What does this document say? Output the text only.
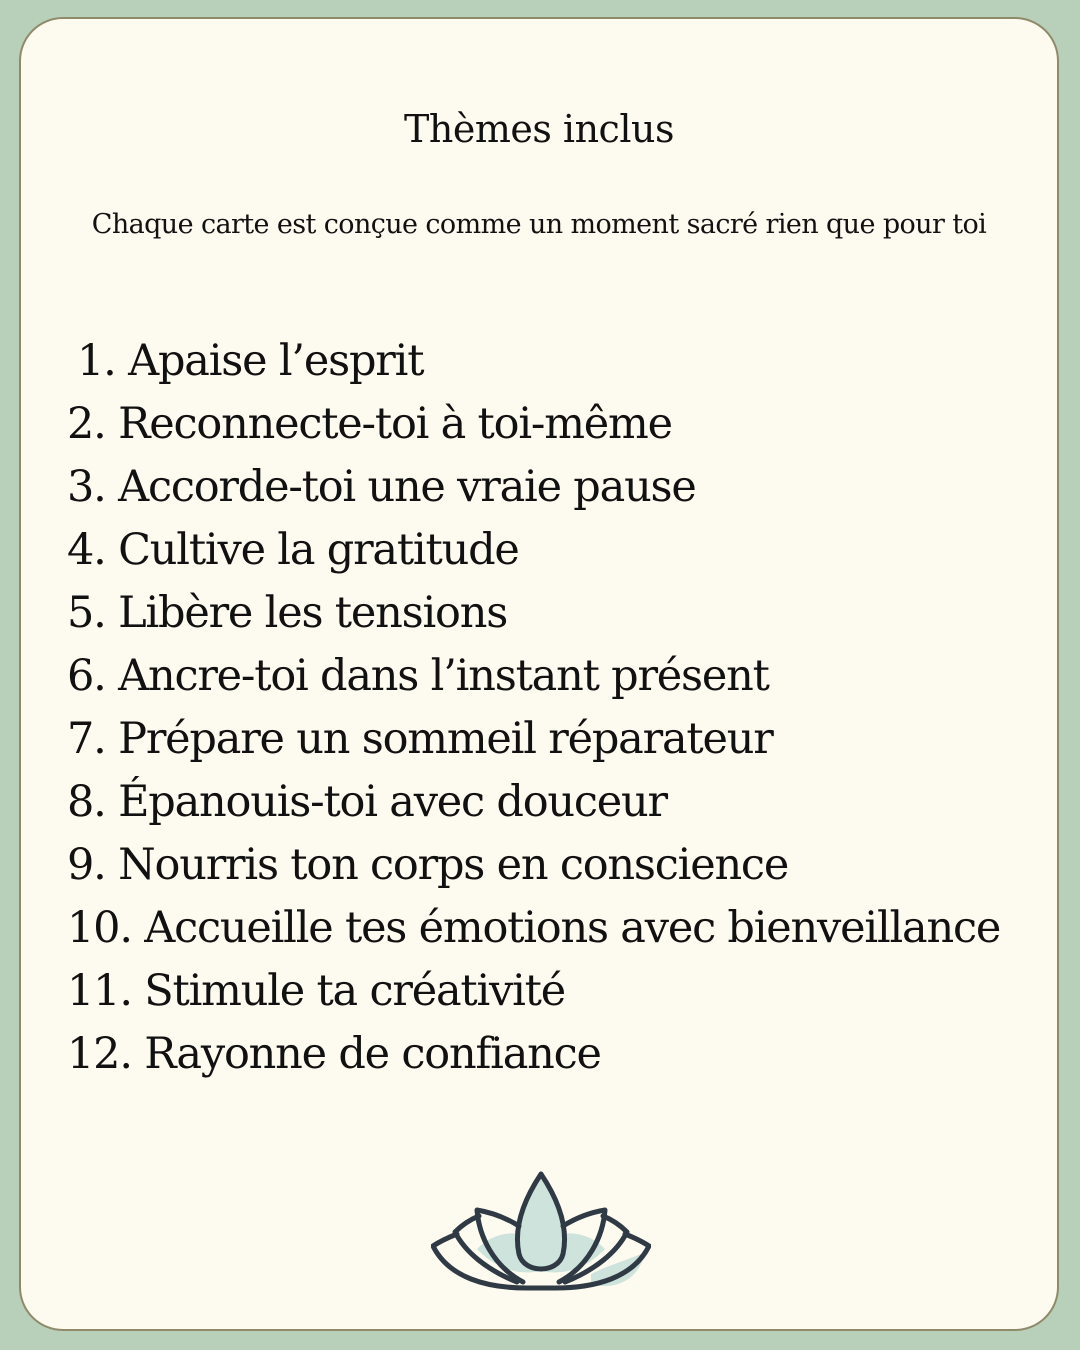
Thèmes inclus

Chaque carte est conçue comme un moment sacré rien que pour toi

1. Apaise l’esprit
2. Reconnecte-toi à toi-même
3. Accorde-toi une vraie pause
4. Cultive la gratitude
5. Libère les tensions
6. Ancre-toi dans l’instant présent
7. Prépare un sommeil réparateur
8. Épanouis-toi avec douceur
9. Nourris ton corps en conscience
10. Accueille tes émotions avec bienveillance
11. Stimule ta créativité
12. Rayonne de confiance
